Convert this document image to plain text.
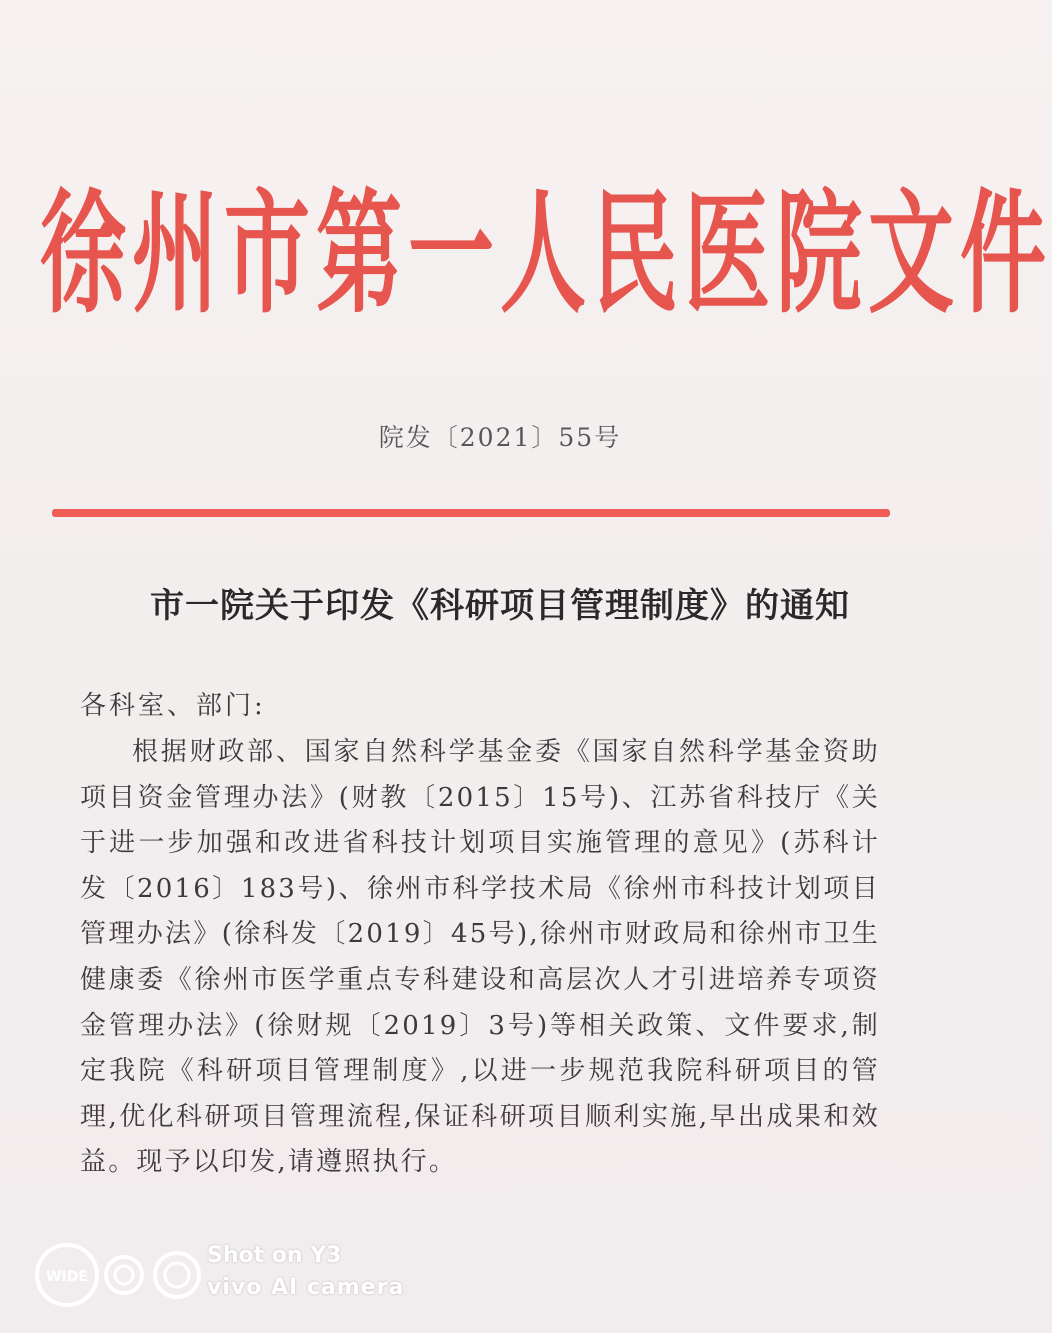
徐州市第一人民医院文件
院发〔2021〕55号
市一院关于印发《科研项目管理制度》的通知
各科室、部门:
根据财政部、国家自然科学基金委《国家自然科学基金资助项目资金管理办法》(财教〔2015〕15号)、江苏省科技厅《关于进一步加强和改进省科技计划项目实施管理的意见》(苏科计发〔2016〕183号)、徐州市科学技术局《徐州市科技计划项目管理办法》(徐科发〔2019〕45号),徐州市财政局和徐州市卫生健康委《徐州市医学重点专科建设和高层次人才引进培养专项资金管理办法》(徐财规〔2019〕3号)等相关政策、文件要求,制定我院《科研项目管理制度》,以进一步规范我院科研项目的管理,优化科研项目管理流程,保证科研项目顺利实施,早出成果和效益。现予以印发,请遵照执行。
WIDE
Shot on Y3
vivo AI camera
